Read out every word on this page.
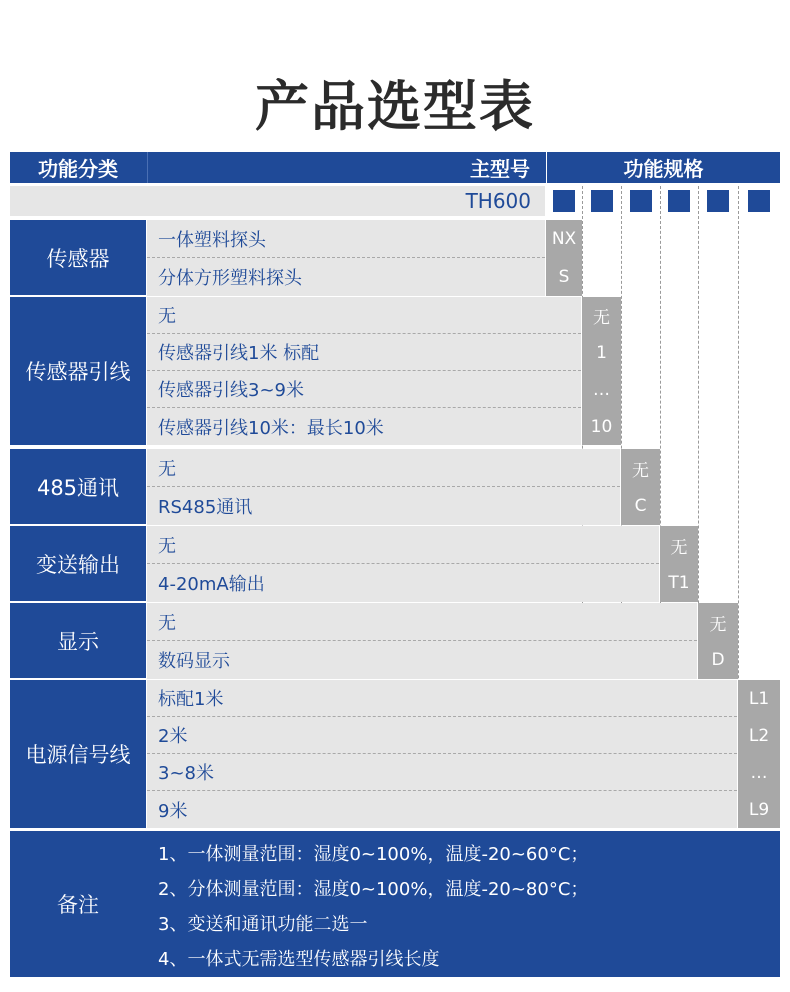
产品选型表
功能分类	主型号	功能规格
TH600
传感器
一体塑料探头	NX
分体方形塑料探头	S
传感器引线
无	无
传感器引线1米 标配	1
传感器引线3~9米	…
传感器引线10米：最长10米	10
485通讯
无	无
RS485通讯	C
变送输出
无	无
4-20mA输出	T1
显示
无	无
数码显示	D
电源信号线
标配1米	L1
2米	L2
3~8米	…
9米	L9
备注
1、一体测量范围：湿度0~100%，温度-20~60°C；
2、分体测量范围：湿度0~100%，温度-20~80°C；
3、变送和通讯功能二选一
4、一体式无需选型传感器引线长度
